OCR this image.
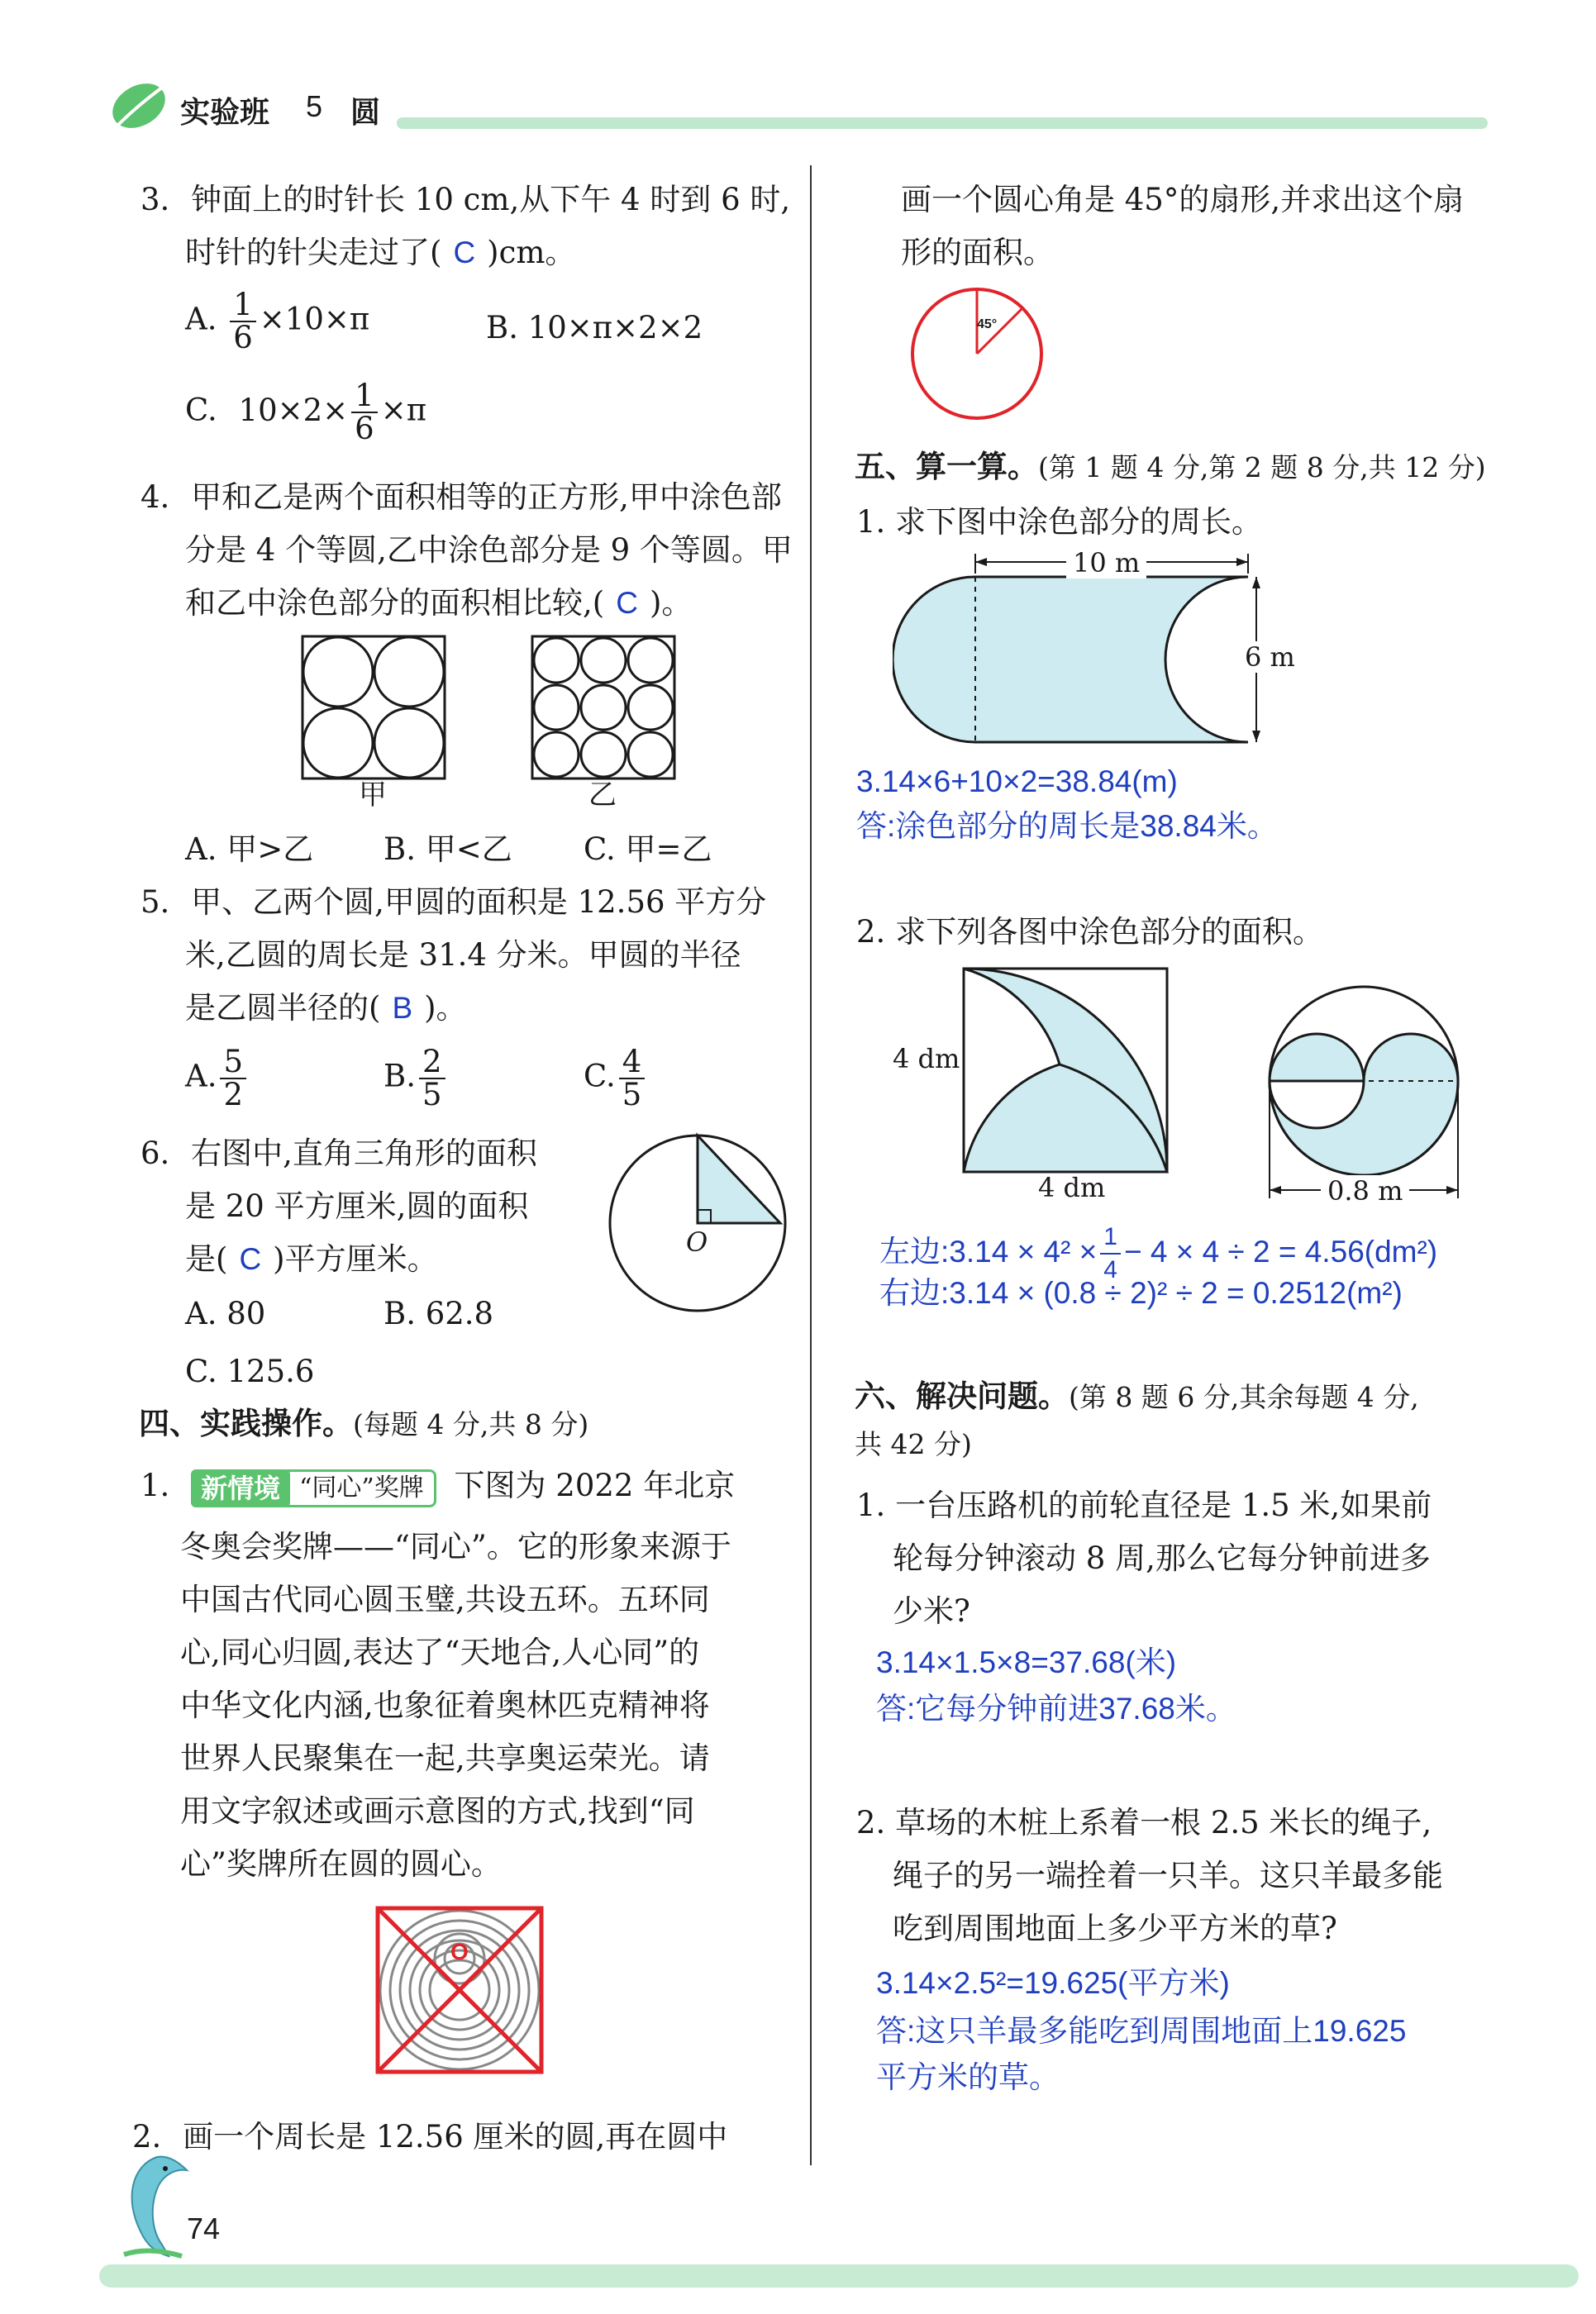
实验班 5 圆
3. 钟面上的时针长 10 cm,从下午 4 时到 6 时,
时针的针尖走过了( C )cm。
A. $\frac{1}{6} \times 10\times\pi$	B. 10×π×2×2
C. $10\times 2\times \frac{1}{6} \times\pi$
4. 甲和乙是两个面积相等的正方形,甲中涂色部
分是 4 个等圆,乙中涂色部分是 9 个等圆。甲
和乙中涂色部分的面积相比较,( C )。
甲	乙
A. 甲>乙 B. 甲<乙 C. 甲=乙
5. 甲、乙两个圆,甲圆的面积是 12.56 平方分
米,乙圆的周长是 31.4 分米。甲圆的半径
是乙圆半径的( B )。
A. $\frac{5}{2}$	B. $\frac{2}{5}$	C. $\frac{4}{5}$
6. 右图中,直角三角形的面积
是 20 平方厘米,圆的面积
是( C )平方厘米。
A. 80	B. 62.8
C. 125.6
O
四、实践操作。(每题 4 分,共 8 分)
1. 新情境 “同心”奖牌 下图为 2022 年北京
冬奥会奖牌——“同心”。它的形象来源于
中国古代同心圆玉璧,共设五环。五环同
心,同心归圆,表达了“天地合,人心同”的
中华文化内涵,也象征着奥林匹克精神将
世界人民聚集在一起,共享奥运荣光。请
用文字叙述或画示意图的方式,找到“同
心”奖牌所在圆的圆心。
O
2. 画一个周长是 12.56 厘米的圆,再在圆中
画一个圆心角是 45°的扇形,并求出这个扇
形的面积。
45°
五、算一算。(第 1 题 4 分,第 2 题 8 分,共 12 分)
1. 求下图中涂色部分的周长。
10 m
6 m
3.14×6+10×2=38.84(m)
答:涂色部分的周长是38.84米。
2. 求下列各图中涂色部分的面积。
4 dm
4 dm	0.8 m
左边:3.14 × $4^2 \times \frac{1}{4} - 4 \times 4 \div 2 = 4.56(dm^2)$
右边:3.14 × (0.8 ÷ 2)² ÷ 2 = 0.2512(m²)
六、解决问题。(第 8 题 6 分,其余每题 4 分,
共 42 分)
1. 一台压路机的前轮直径是 1.5 米,如果前
轮每分钟滚动 8 周,那么它每分钟前进多
少米?
3.14×1.5×8=37.68(米)
答:它每分钟前进37.68米。
2. 草场的木桩上系着一根 2.5 米长的绳子,
绳子的另一端拴着一只羊。这只羊最多能
吃到周围地面上多少平方米的草?
3.14×2.5²=19.625(平方米)
答:这只羊最多能吃到周围地面上19.625
平方米的草。
74
